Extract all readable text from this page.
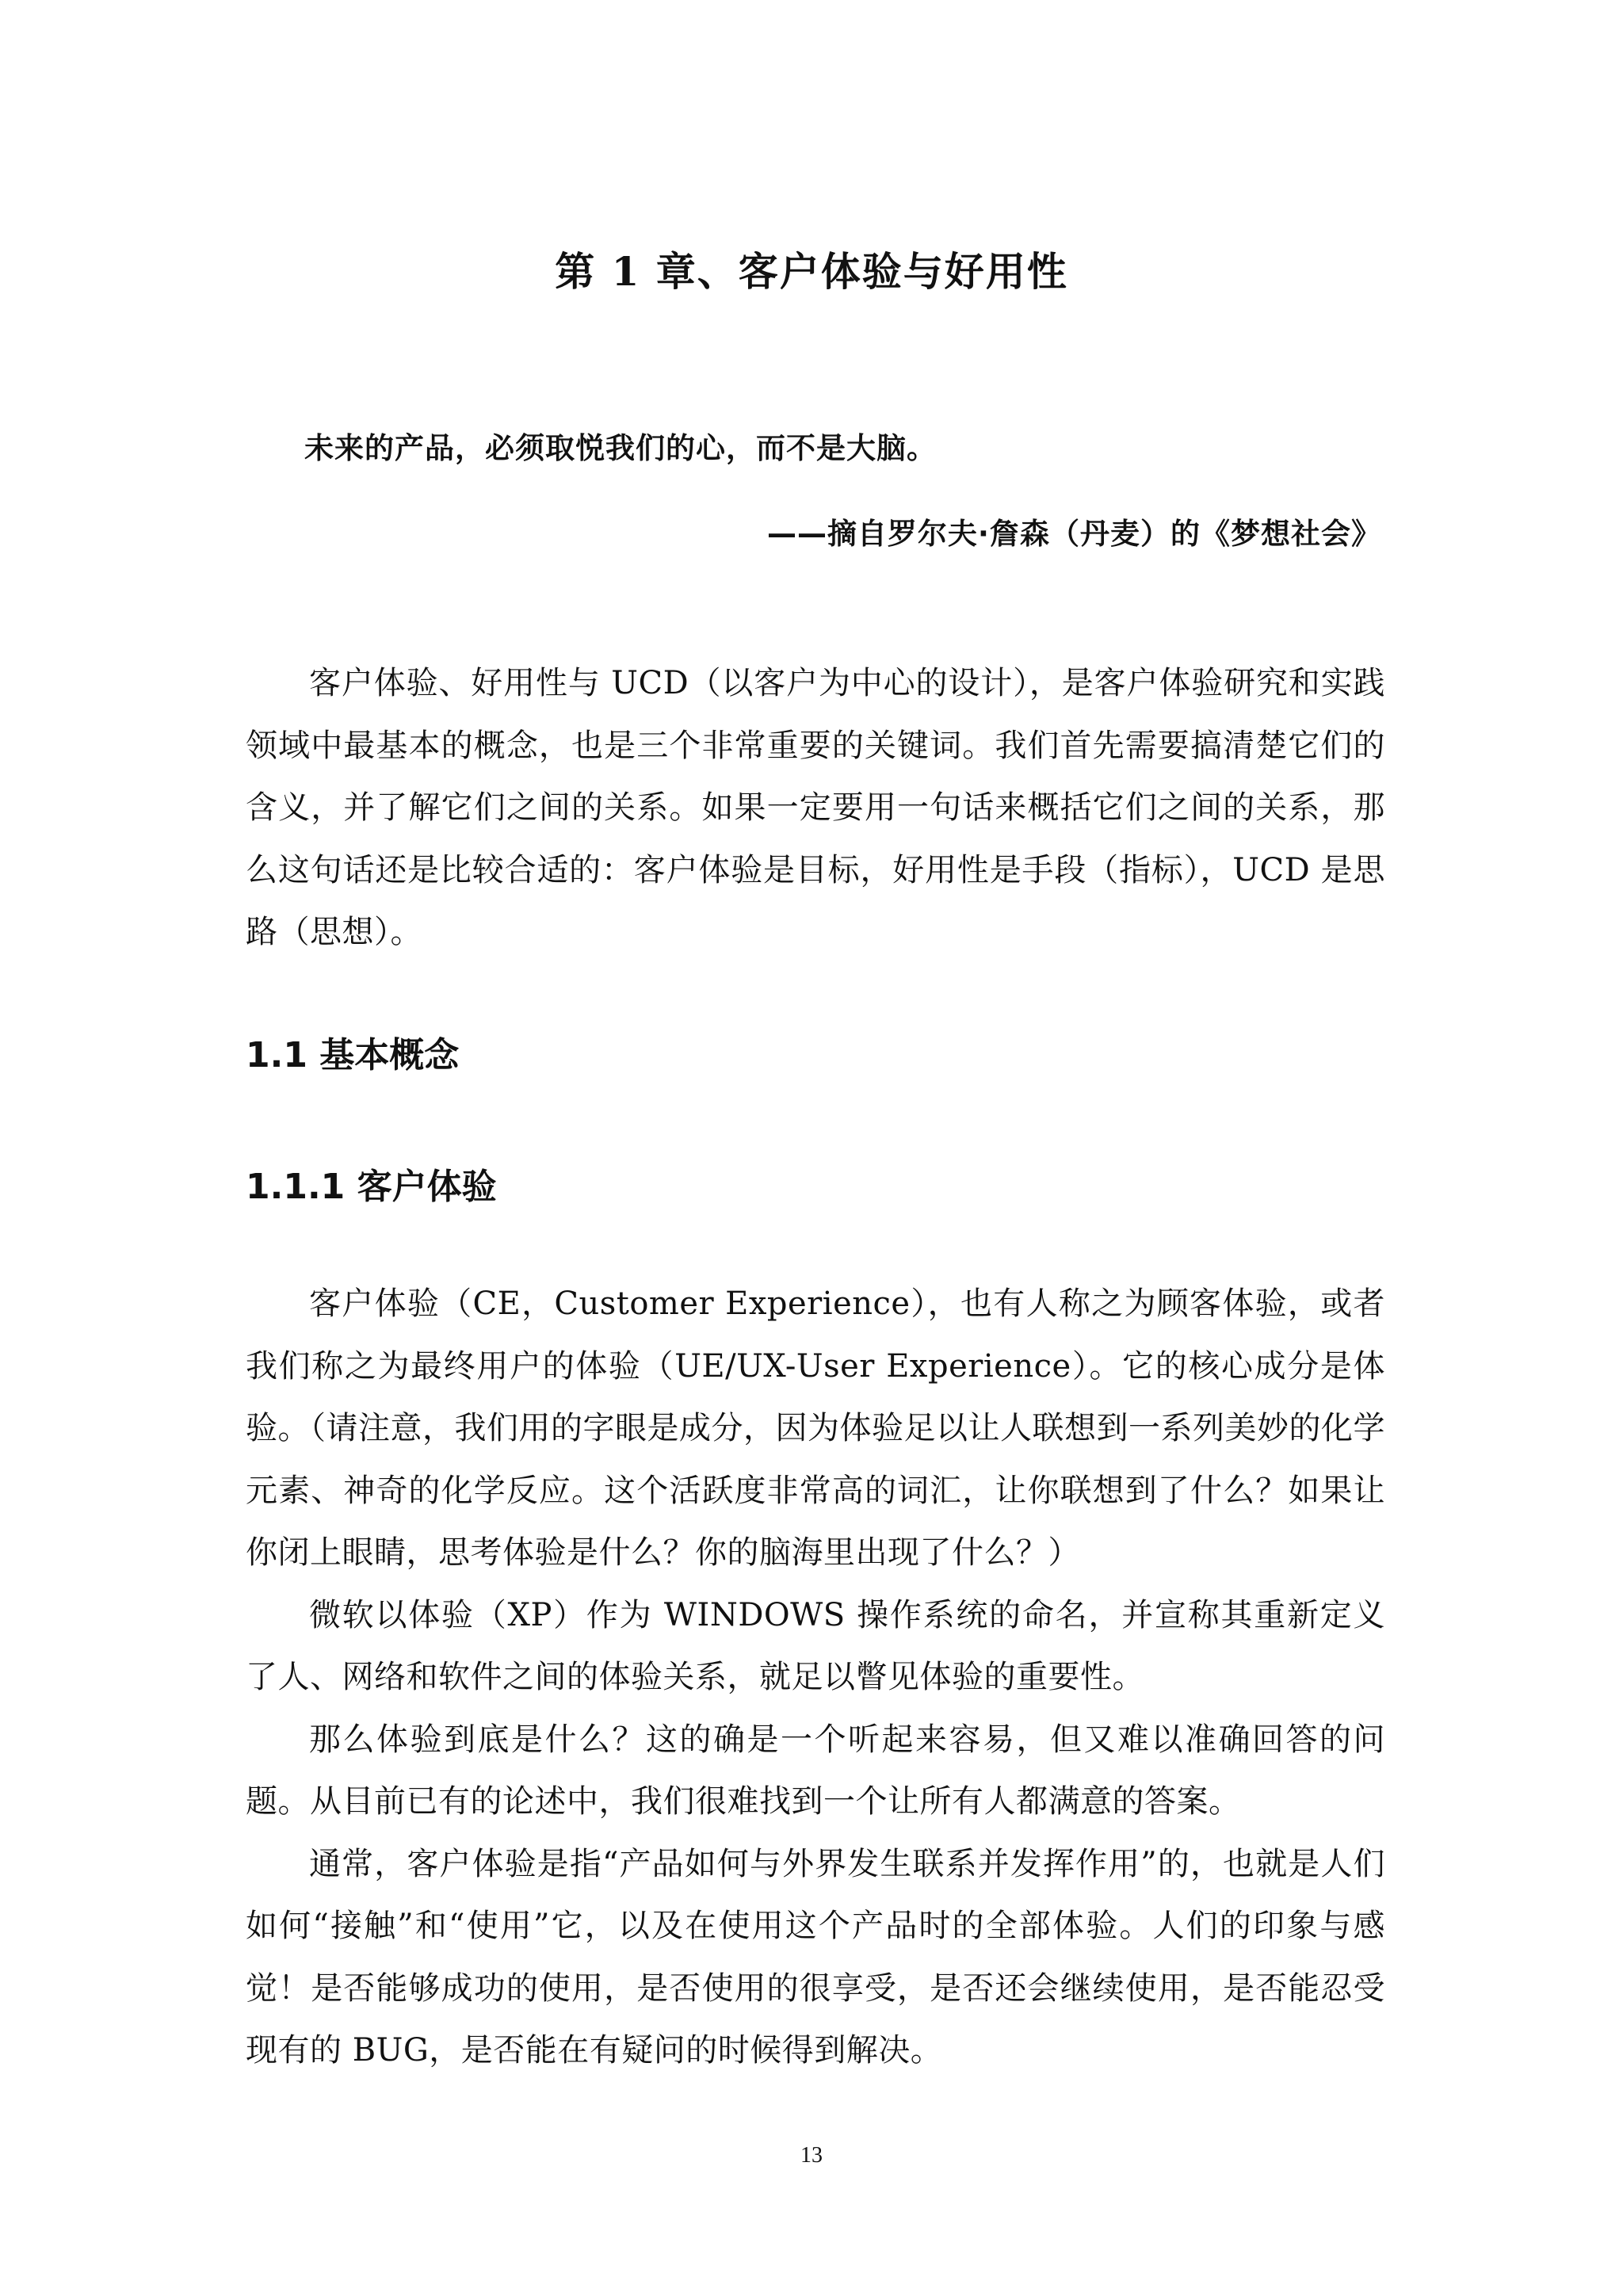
第 1 章、客户体验与好用性
未来的产品，必须取悦我们的心，而不是大脑。
——摘自罗尔夫·詹森（丹麦）的《梦想社会》

客户体验、好用性与 UCD（以客户为中心的设计），是客户体验研究和实践领域中最基本的概念，也是三个非常重要的关键词。我们首先需要搞清楚它们的含义，并了解它们之间的关系。如果一定要用一句话来概括它们之间的关系，那么这句话还是比较合适的：客户体验是目标，好用性是手段（指标），UCD 是思路（思想）。

1.1 基本概念
1.1.1 客户体验

客户体验（CE，Customer Experience），也有人称之为顾客体验，或者我们称之为最终用户的体验（UE/UX-User Experience）。它的核心成分是体验。（请注意，我们用的字眼是成分，因为体验足以让人联想到一系列美妙的化学元素、神奇的化学反应。这个活跃度非常高的词汇，让你联想到了什么？如果让你闭上眼睛，思考体验是什么？你的脑海里出现了什么？）

微软以体验（XP）作为 WINDOWS 操作系统的命名，并宣称其重新定义了人、网络和软件之间的体验关系，就足以瞥见体验的重要性。

那么体验到底是什么？这的确是一个听起来容易，但又难以准确回答的问题。从目前已有的论述中，我们很难找到一个让所有人都满意的答案。

通常，客户体验是指“产品如何与外界发生联系并发挥作用”的，也就是人们如何“接触”和“使用”它，以及在使用这个产品时的全部体验。人们的印象与感觉！是否能够成功的使用，是否使用的很享受，是否还会继续使用，是否能忍受现有的 BUG，是否能在有疑问的时候得到解决。

13
